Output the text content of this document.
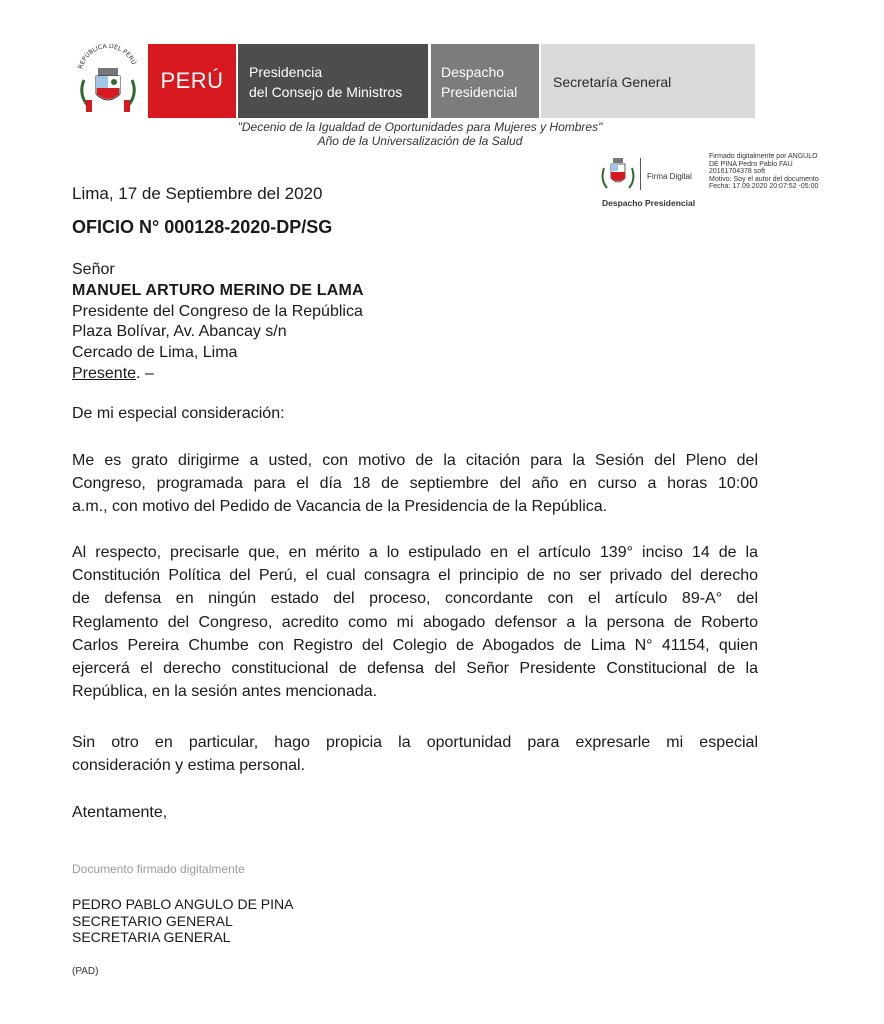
REPÚBLICA DEL PERÚ
PERÚ	Presidencia
del Consejo de Ministros
Despacho
Presidencial
Secretaría General
"Decenio de la Igualdad de Oportunidades para Mujeres y Hombres"
Año de la Universalización de la Salud
Firma Digital
Despacho Presidencial
Firmado digitalmente por ANGULO
DE PINA Pedro Pablo FAU
20161704378 soft
Motivo: Soy el autor del documento
Fecha: 17.09.2020 20:07:52 -05:00
Lima, 17 de Septiembre del 2020
OFICIO N° 000128-2020-DP/SG
Señor
MANUEL ARTURO MERINO DE LAMA
Presidente del Congreso de la República
Plaza Bolívar, Av. Abancay s/n
Cercado de Lima, Lima
Presente. –
De mi especial consideración:
Me es grato dirigirme a usted, con motivo de la citación para la Sesión del Pleno del
Congreso, programada para el día 18 de septiembre del año en curso a horas 10:00
a.m., con motivo del Pedido de Vacancia de la Presidencia de la República.
Al respecto, precisarle que, en mérito a lo estipulado en el artículo 139° inciso 14 de la
Constitución Política del Perú, el cual consagra el principio de no ser privado del derecho
de defensa en ningún estado del proceso, concordante con el artículo 89-A° del
Reglamento del Congreso, acredito como mi abogado defensor a la persona de Roberto
Carlos Pereira Chumbe con Registro del Colegio de Abogados de Lima N° 41154, quien
ejercerá el derecho constitucional de defensa del Señor Presidente Constitucional de la
República, en la sesión antes mencionada.
Sin otro en particular, hago propicia la oportunidad para expresarle mi especial
consideración y estima personal.
Atentamente,
Documento firmado digitalmente
PEDRO PABLO ANGULO DE PINA
SECRETARIO GENERAL
SECRETARIA GENERAL
(PAD)
